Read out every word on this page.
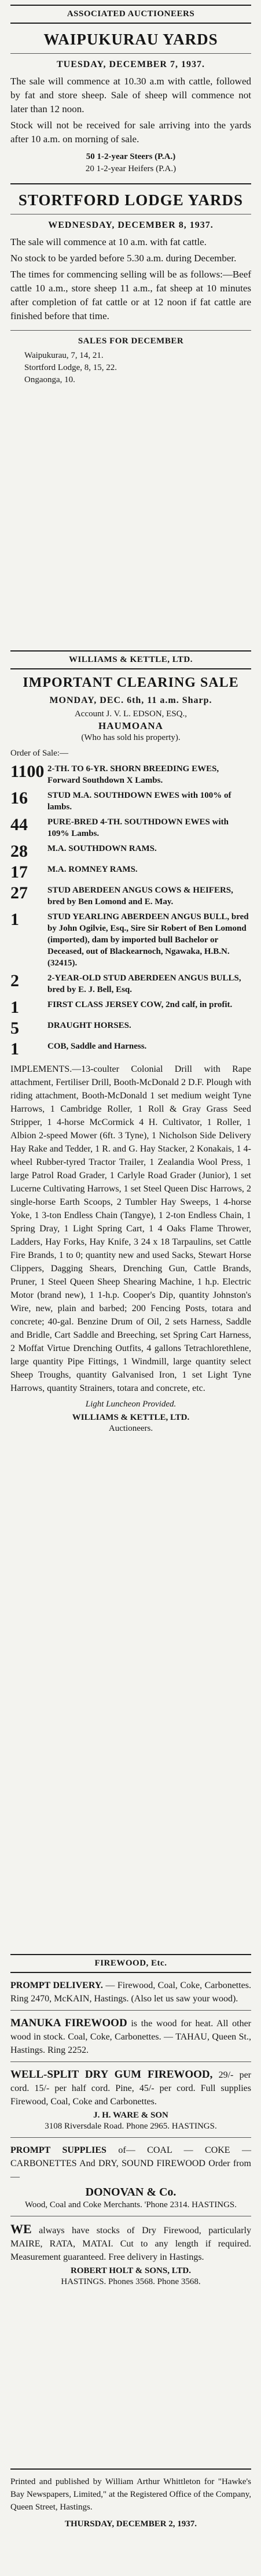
ASSOCIATED AUCTIONEERS
WAIPUKURAU YARDS
TUESDAY, DECEMBER 7, 1937.
The sale will commence at 10.30 a.m with cattle, followed by fat and store sheep. Sale of sheep will commence not later than 12 noon.
Stock will not be received for sale arriving into the yards after 10 a.m. on morning of sale.
50 1-2-year Steers (P.A.)
20 1-2-year Heifers (P.A.)
STORTFORD LODGE YARDS
WEDNESDAY, DECEMBER 8, 1937.
The sale will commence at 10 a.m. with fat cattle.
No stock to be yarded before 5.30 a.m. during December.
The times for commencing selling will be as follows:—Beef cattle 10 a.m., store sheep 11 a.m., fat sheep at 10 minutes after completion of fat cattle or at 12 noon if fat cattle are finished before that time.
SALES FOR DECEMBER
Waipukurau, 7, 14, 21.
Stortford Lodge, 8, 15, 22.
Ongaonga, 10.
WILLIAMS & KETTLE, LTD.
IMPORTANT CLEARING SALE
MONDAY, DEC. 6th, 11 a.m. Sharp.
Account J. V. L. EDSON, ESQ.,
HAUMOANA
(Who has sold his property).
Order of Sale:—
1100 2-TH. TO 6-YR. SHORN BREEDING EWES, Forward Southdown X Lambs.
16	STUD M.A. SOUTHDOWN EWES with 100% of lambs.
44	PURE-BRED 4-TH. SOUTHDOWN EWES with 109% Lambs.
28	M.A. SOUTHDOWN RAMS.
17	M.A. ROMNEY RAMS.
27	STUD ABERDEEN ANGUS COWS & HEIFERS, bred by Ben Lomond and E. May.
1	STUD YEARLING ABERDEEN ANGUS BULL, bred by John Ogilvie, Esq., Sire Sir Robert of Ben Lomond (imported), dam by imported bull Bachelor or Deceased, out of Blackearnoch, Ngawaka, H.B.N. (32415).
2	2-YEAR-OLD STUD ABERDEEN ANGUS BULLS, bred by E. J. Bell, Esq.
1	FIRST CLASS JERSEY COW, 2nd calf, in profit.
5	DRAUGHT HORSES.
1	COB, Saddle and Harness.
IMPLEMENTS.—13-coulter Colonial Drill with Rape attachment, Fertiliser Drill, Booth-McDonald 2 D.F. Plough with riding attachment, Booth-McDonald 1 set medium weight Tyne Harrows, 1 Cambridge Roller, 1 Roll & Gray Grass Seed Stripper, 1 4-horse McCormick 4 H. Cultivator, 1 Roller, 1 Albion 2-speed Mower (6ft. 3 Tyne), 1 Nicholson Side Delivery Hay Rake and Tedder, 1 R. and G. Hay Stacker, 2 Konakais, 1 4-wheel Rubber-tyred Tractor Trailer, 1 Zealandia Wool Press, 1 large Patrol Road Grader, 1 Carlyle Road Grader (Junior), 1 set Lucerne Cultivating Harrows, 1 set Steel Queen Disc Harrows, 2 single-horse Earth Scoops, 2 Tumbler Hay Sweeps, 1 4-horse Yoke, 1 3-ton Endless Chain (Tangye), 1 2-ton Endless Chain, 1 Spring Dray, 1 Light Spring Cart, 1 4 Oaks Flame Thrower, Ladders, Hay Forks, Hay Knife, 3 24 x 18 Tarpaulins, set Cattle Fire Brands, 1 to 0; quantity new and used Sacks, Stewart Horse Clippers, Dagging Shears, Drenching Gun, Cattle Brands, Pruner, 1 Steel Queen Sheep Shearing Machine, 1 h.p. Electric Motor (brand new), 1 1-h.p. Cooper's Dip, quantity Johnston's Wire, new, plain and barbed; 200 Fencing Posts, totara and concrete; 40-gal. Benzine Drum of Oil, 2 sets Harness, Saddle and Bridle, Cart Saddle and Breeching, set Spring Cart Harness, 2 Moffat Virtue Drenching Outfits, 4 gallons Tetrachlorethlene, large quantity Pipe Fittings, 1 Windmill, large quantity select Sheep Troughs, quantity Galvanised Iron, 1 set Light Tyne Harrows, quantity Strainers, totara and concrete, etc.
Light Luncheon Provided.
WILLIAMS & KETTLE, LTD.
Auctioneers.
FIREWOOD, Etc.
PROMPT DELIVERY. — Firewood, Coal, Coke, Carbonettes. Ring 2470, McKAIN, Hastings. (Also let us saw your wood).
MANUKA FIREWOOD is the wood for heat. All other wood in stock. Coal, Coke, Carbonettes. — TAHAU, Queen St., Hastings. Ring 2252.
WELL-SPLIT DRY GUM FIREWOOD, 29/- per cord. 15/- per half cord. Pine, 45/- per cord. Full supplies Firewood, Coal, Coke and Carbonettes.
J. H. WARE & SON
3108 Riversdale Road. Phone 2965. HASTINGS.
PROMPT SUPPLIES of— COAL — COKE — CARBONETTES And DRY, SOUND FIREWOOD Order from—
DONOVAN & Co.
Wood, Coal and Coke Merchants. 'Phone 2314. HASTINGS.
WE always have stocks of Dry Firewood, particularly MAIRE, RATA, MATAI. Cut to any length if required. Measurement guaranteed. Free delivery in Hastings.
ROBERT HOLT & SONS, LTD.
HASTINGS. Phones 3568. Phone 3568.
Printed and published by William Arthur Whittleton for "Hawke's Bay Newspapers, Limited," at the Registered Office of the Company, Queen Street, Hastings.
THURSDAY, DECEMBER 2, 1937.
